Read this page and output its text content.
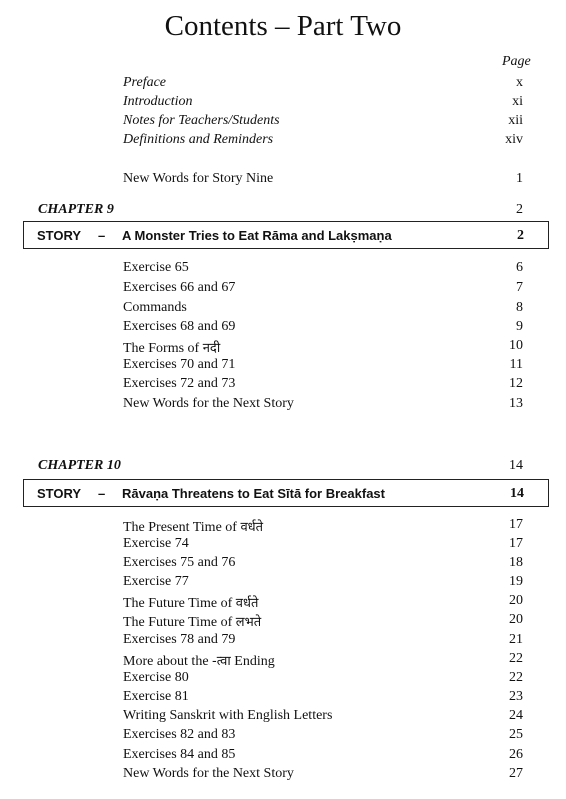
Contents – Part Two
Page
Preface	x
Introduction	xi
Notes for Teachers/Students	xii
Definitions and Reminders	xiv
New Words for Story Nine	1
CHAPTER 9	2
STORY – A Monster Tries to Eat Rāma and Lakṣmaṇa	2
Exercise 65	6
Exercises 66 and 67	7
Commands	8
Exercises 68 and 69	9
The Forms of नदी	10
Exercises 70 and 71	11
Exercises 72 and 73	12
New Words for the Next Story	13
CHAPTER 10	14
STORY – Rāvaṇa Threatens to Eat Sītā for Breakfast	14
The Present Time of वर्धते	17
Exercise 74	17
Exercises 75 and 76	18
Exercise 77	19
The Future Time of वर्धते	20
The Future Time of लभते	20
Exercises 78 and 79	21
More about the -त्वा Ending	22
Exercise 80	22
Exercise 81	23
Writing Sanskrit with English Letters	24
Exercises 82 and 83	25
Exercises 84 and 85	26
New Words for the Next Story	27
